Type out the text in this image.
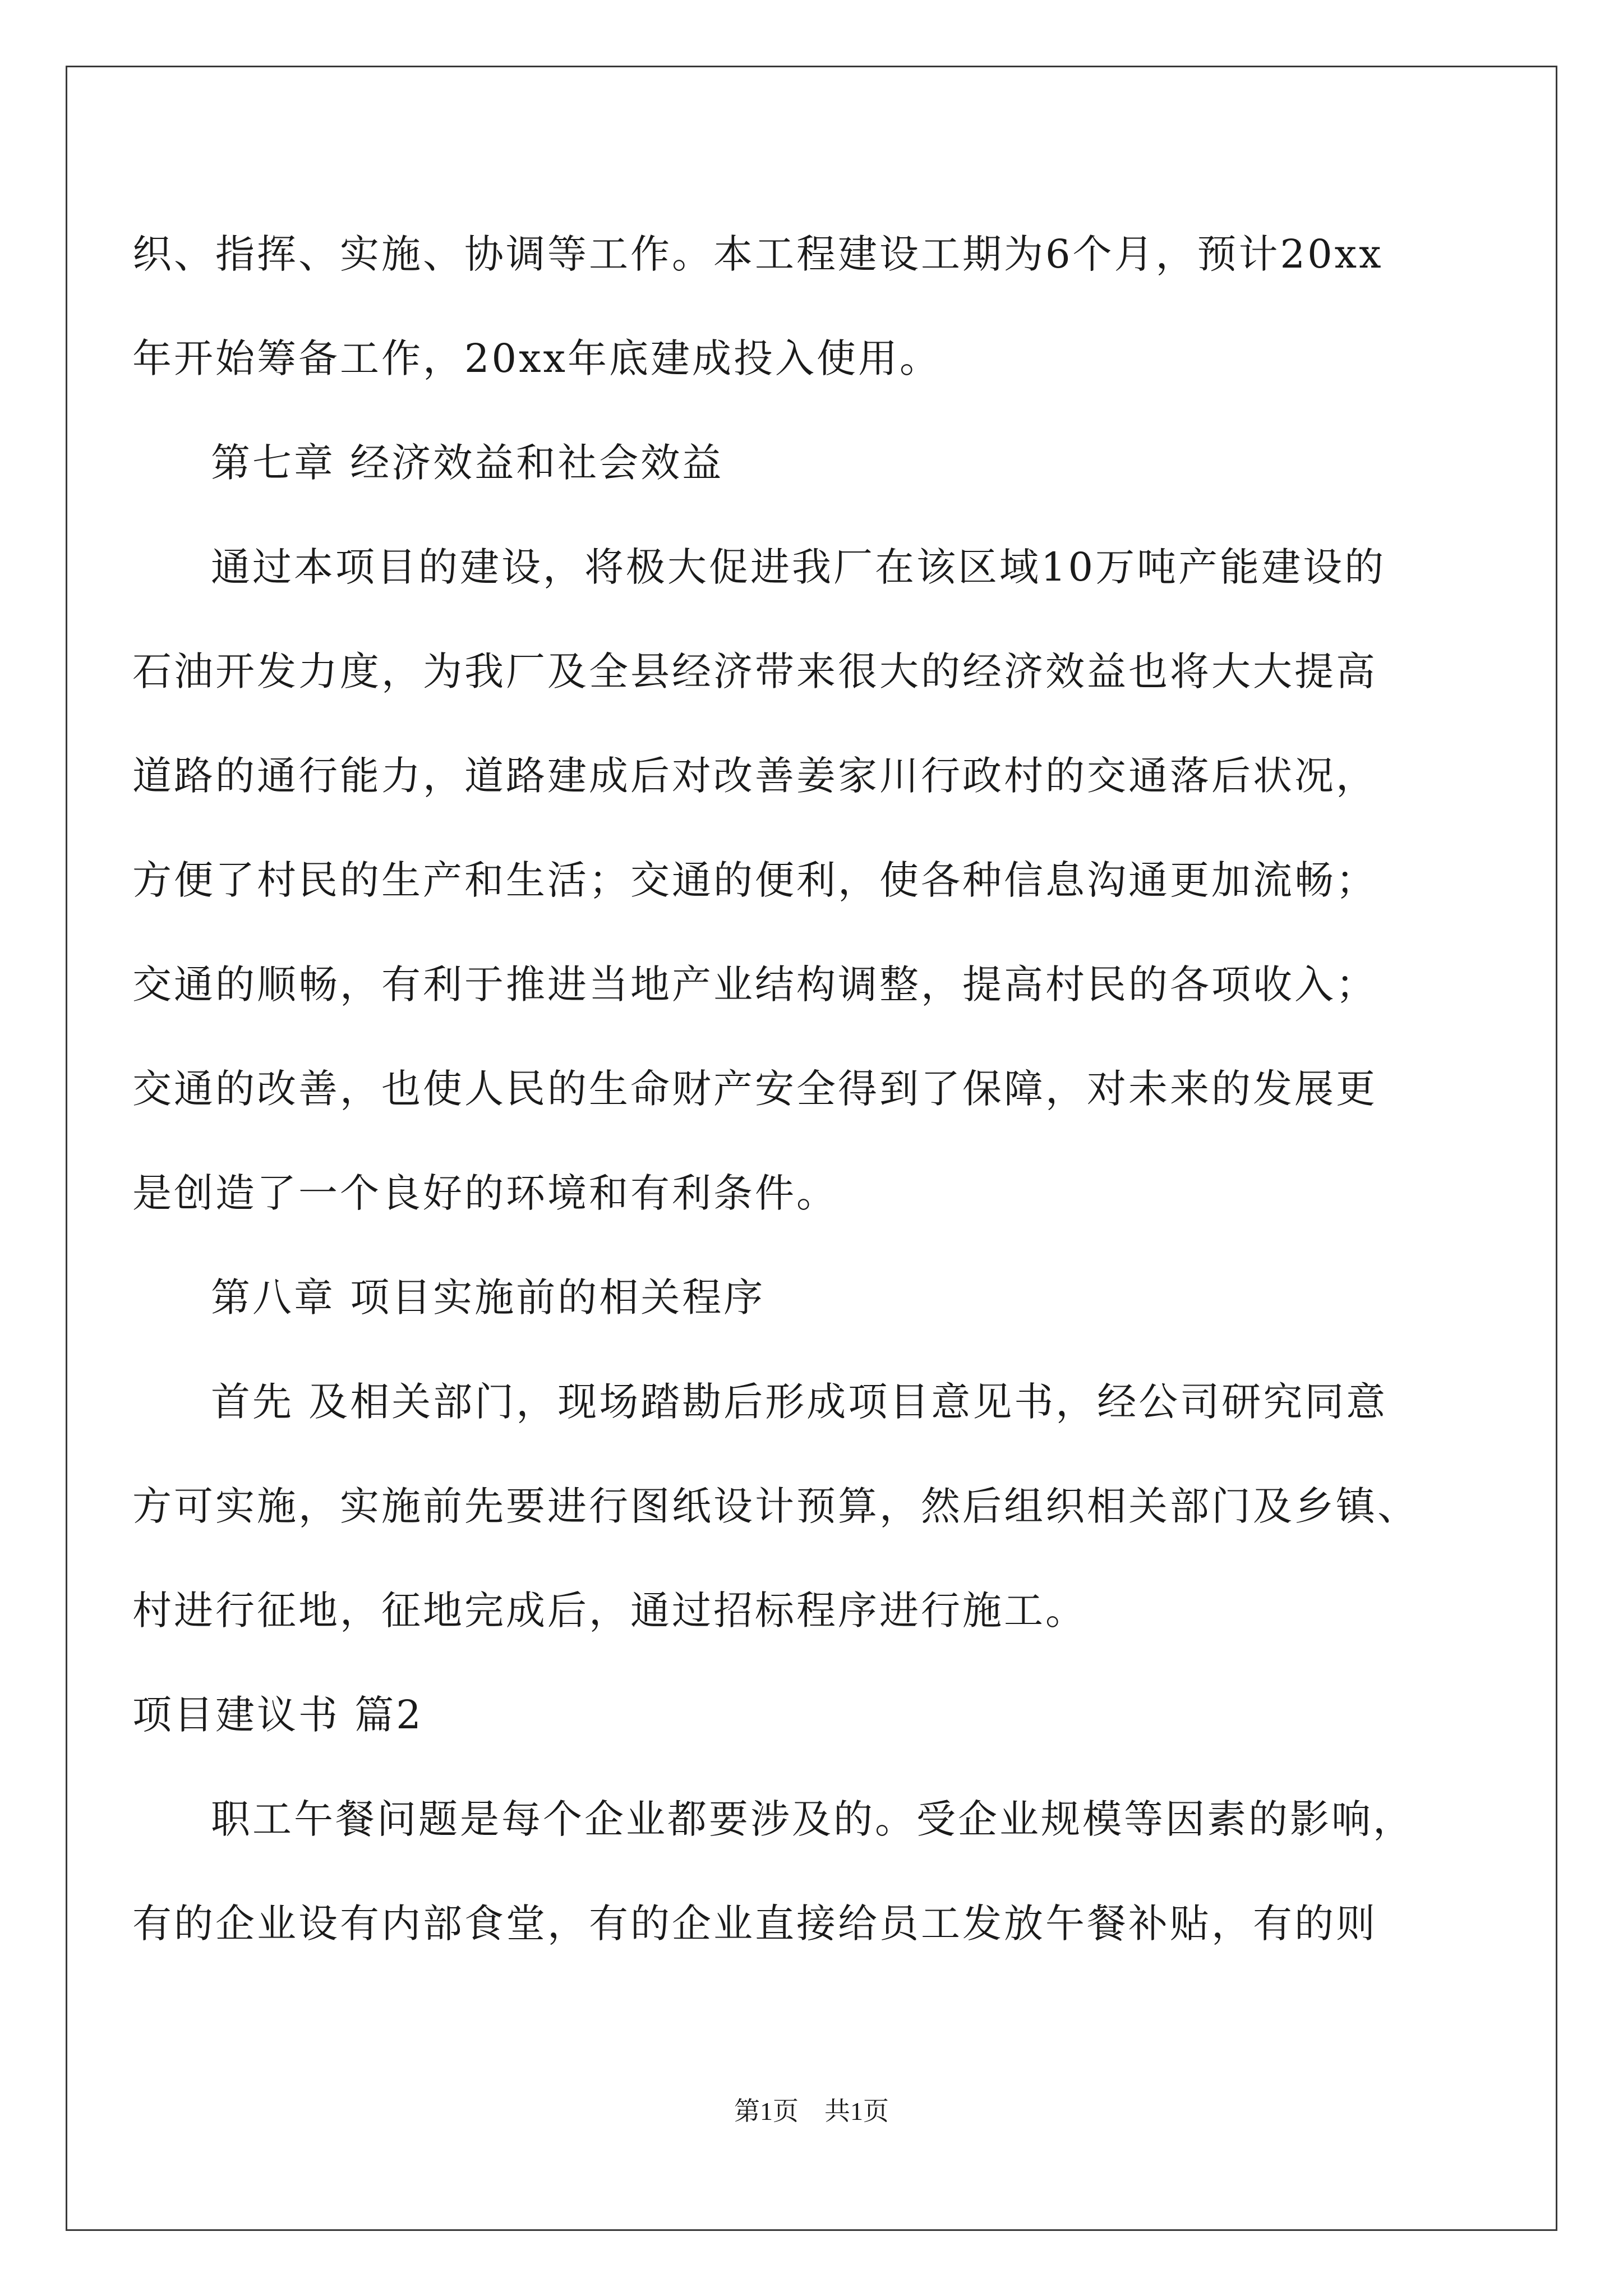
织、指挥、实施、协调等工作。本工程建设工期为6个月，预计20xx
年开始筹备工作，20xx年底建成投入使用。
第七章 经济效益和社会效益
通过本项目的建设，将极大促进我厂在该区域10万吨产能建设的
石油开发力度，为我厂及全县经济带来很大的经济效益也将大大提高
道路的通行能力，道路建成后对改善姜家川行政村的交通落后状况，
方便了村民的生产和生活；交通的便利，使各种信息沟通更加流畅；
交通的顺畅，有利于推进当地产业结构调整，提高村民的各项收入；
交通的改善，也使人民的生命财产安全得到了保障，对未来的发展更
是创造了一个良好的环境和有利条件。
第八章 项目实施前的相关程序
首先 及相关部门，现场踏勘后形成项目意见书，经公司研究同意
方可实施，实施前先要进行图纸设计预算，然后组织相关部门及乡镇、
村进行征地，征地完成后，通过招标程序进行施工。
项目建议书 篇2
职工午餐问题是每个企业都要涉及的。受企业规模等因素的影响，
有的企业设有内部食堂，有的企业直接给员工发放午餐补贴，有的则
第1页　共1页
